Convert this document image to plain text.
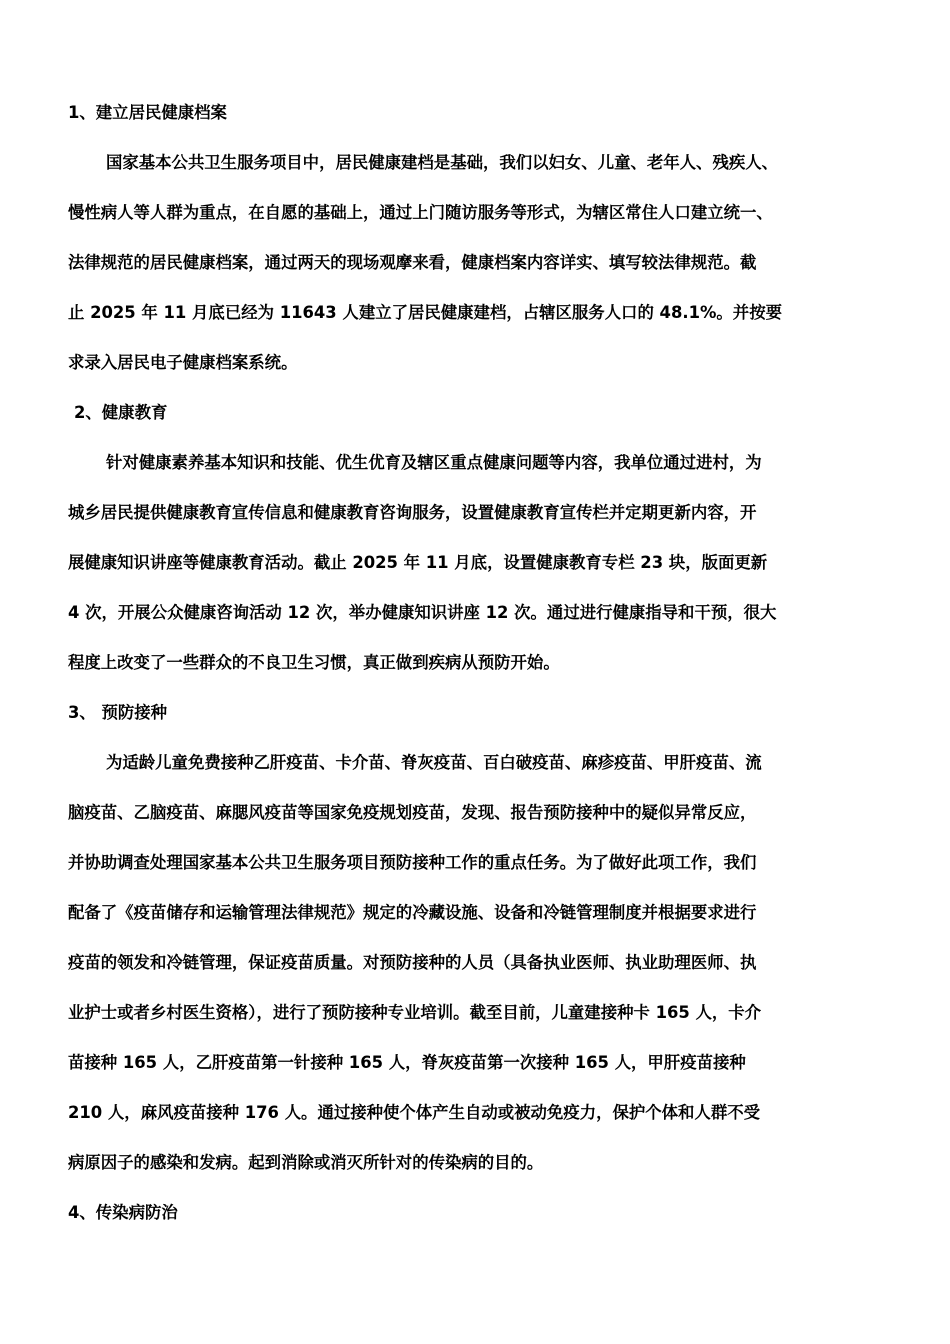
1、建立居民健康档案
国家基本公共卫生服务项目中，居民健康建档是基础，我们以妇女、儿童、老年人、残疾人、
慢性病人等人群为重点，在自愿的基础上，通过上门随访服务等形式，为辖区常住人口建立统一、
法律规范的居民健康档案，通过两天的现场观摩来看，健康档案内容详实、填写较法律规范。截
止 2025 年 11 月底已经为 11643 人建立了居民健康建档，占辖区服务人口的 48.1%。并按要
求录入居民电子健康档案系统。
2、健康教育
针对健康素养基本知识和技能、优生优育及辖区重点健康问题等内容，我单位通过进村，为
城乡居民提供健康教育宣传信息和健康教育咨询服务，设置健康教育宣传栏并定期更新内容，开
展健康知识讲座等健康教育活动。截止 2025 年 11 月底，设置健康教育专栏 23 块，版面更新
4 次，开展公众健康咨询活动 12 次，举办健康知识讲座 12 次。通过进行健康指导和干预，很大
程度上改变了一些群众的不良卫生习惯，真正做到疾病从预防开始。
3、 预防接种
为适龄儿童免费接种乙肝疫苗、卡介苗、脊灰疫苗、百白破疫苗、麻疹疫苗、甲肝疫苗、流
脑疫苗、乙脑疫苗、麻腮风疫苗等国家免疫规划疫苗，发现、报告预防接种中的疑似异常反应，
并协助调查处理国家基本公共卫生服务项目预防接种工作的重点任务。为了做好此项工作，我们
配备了《疫苗储存和运输管理法律规范》规定的冷藏设施、设备和冷链管理制度并根据要求进行
疫苗的领发和冷链管理，保证疫苗质量。对预防接种的人员（具备执业医师、执业助理医师、执
业护士或者乡村医生资格），进行了预防接种专业培训。截至目前，儿童建接种卡 165 人，卡介
苗接种 165 人，乙肝疫苗第一针接种 165 人，脊灰疫苗第一次接种 165 人，甲肝疫苗接种
210 人，麻风疫苗接种 176 人。通过接种使个体产生自动或被动免疫力，保护个体和人群不受
病原因子的感染和发病。起到消除或消灭所针对的传染病的目的。
4、传染病防治
